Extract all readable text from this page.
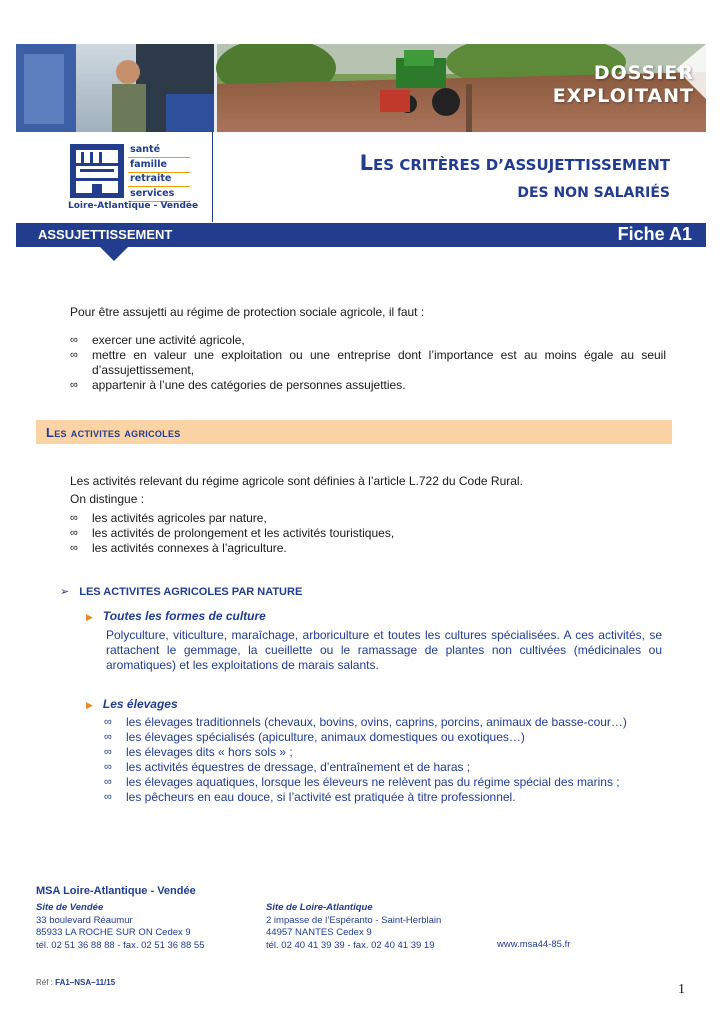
DOSSIER
EXPLOITANT
santé
famille
retraite
services
Loire-Atlantique - Vendée
LES CRITÈRES D’ASSUJETTISSEMENT
DES NON SALARIÉS
ASSUJETTISSEMENT	Fiche A1
Pour être assujetti au régime de protection sociale agricole, il faut :
∞ exercer une activité agricole,
∞ mettre en valeur une exploitation ou une entreprise dont l’importance est au moins égale au seuil d’assujettissement,
∞ appartenir à l’une des catégories de personnes assujetties.
Les activites agricoles
Les activités relevant du régime agricole sont définies à l’article L.722 du Code Rural.
On distingue :
∞ les activités agricoles par nature,
∞ les activités de prolongement et les activités touristiques,
∞ les activités connexes à l’agriculture.
➢ LES ACTIVITES AGRICOLES PAR NATURE
▶ Toutes les formes de culture
Polyculture, viticulture, maraîchage, arboriculture et toutes les cultures spécialisées. A ces activités, se rattachent le gemmage, la cueillette ou le ramassage de plantes non cultivées (médicinales ou aromatiques) et les exploitations de marais salants.
▶ Les élevages
∞ les élevages traditionnels (chevaux, bovins, ovins, caprins, porcins, animaux de basse-cour…)
∞ les élevages spécialisés (apiculture, animaux domestiques ou exotiques…)
∞ les élevages dits « hors sols » ;
∞ les activités équestres de dressage, d’entraînement et de haras ;
∞ les élevages aquatiques, lorsque les éleveurs ne relèvent pas du régime spécial des marins ;
∞ les pêcheurs en eau douce, si l’activité est pratiquée à titre professionnel.
MSA Loire-Atlantique - Vendée
Site de Vendée
33 boulevard Réaumur
85933 LA ROCHE SUR ON Cedex 9
tél. 02 51 36 88 88 - fax. 02 51 36 88 55
Site de Loire-Atlantique
2 impasse de l’Espéranto - Saint-Herblain
44957 NANTES Cedex 9
tél. 02 40 41 39 39 - fax. 02 40 41 39 19	www.msa44-85.fr
Réf : FA1–NSA–11/15	1
